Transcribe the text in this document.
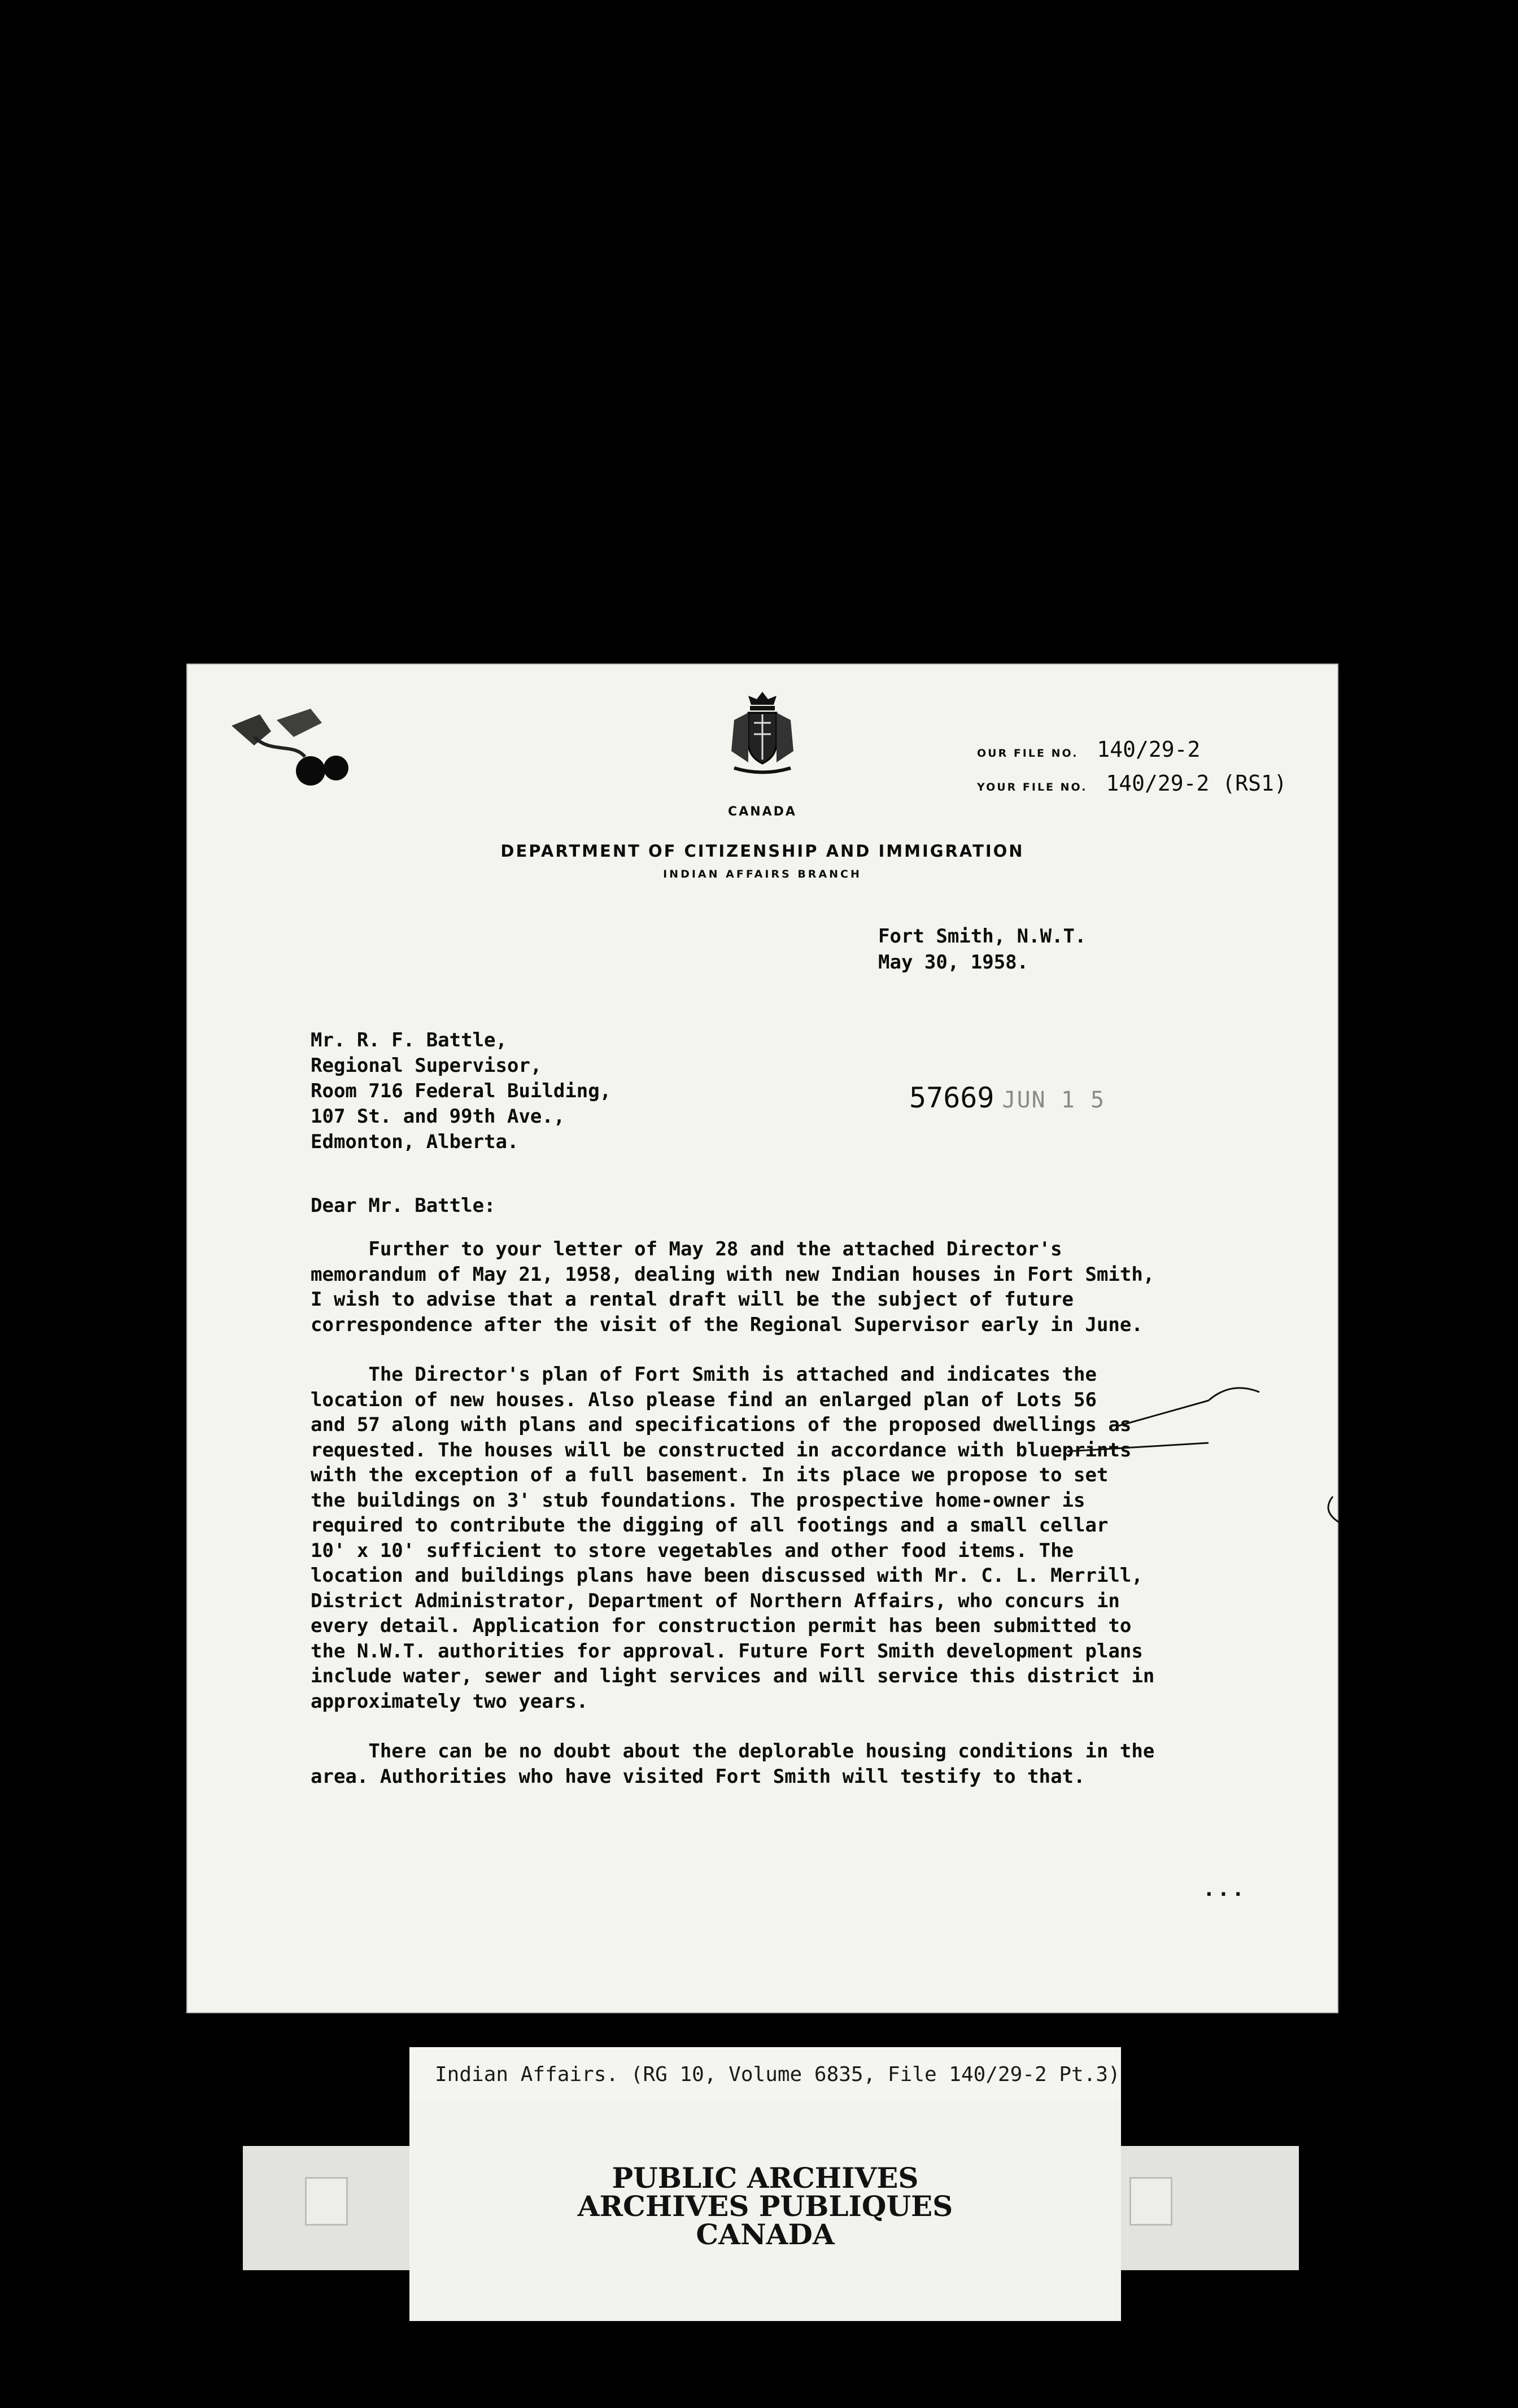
CANADA
DEPARTMENT OF CITIZENSHIP AND IMMIGRATION
INDIAN AFFAIRS BRANCH
OUR FILE NO. 140/29-2
YOUR FILE NO. 140/29-2 (RS1)
Fort Smith, N.W.T.
May 30, 1958.
Mr. R. F. Battle,
Regional Supervisor,
Room 716 Federal Building,
107 St. and 99th Ave.,
Edmonton, Alberta.
57669 JUN 1 5
Dear Mr. Battle:

Further to your letter of May 28 and the attached Director's
memorandum of May 21, 1958, dealing with new Indian houses in Fort Smith,
I wish to advise that a rental draft will be the subject of future
correspondence after the visit of the Regional Supervisor early in June.

The Director's plan of Fort Smith is attached and indicates the
location of new houses. Also please find an enlarged plan of Lots 56
and 57 along with plans and specifications of the proposed dwellings as
requested. The houses will be constructed in accordance with blueprints
with the exception of a full basement. In its place we propose to set
the buildings on 3' stub foundations. The prospective home-owner is
required to contribute the digging of all footings and a small cellar
10' x 10' sufficient to store vegetables and other food items. The
location and buildings plans have been discussed with Mr. C. L. Merrill,
District Administrator, Department of Northern Affairs, who concurs in
every detail. Application for construction permit has been submitted to
the N.W.T. authorities for approval. Future Fort Smith development plans
include water, sewer and light services and will service this district in
approximately two years.

There can be no doubt about the deplorable housing conditions in the
area. Authorities who have visited Fort Smith will testify to that.

...
Indian Affairs. (RG 10, Volume 6835, File 140/29-2 Pt.3)
PUBLIC ARCHIVES
ARCHIVES PUBLIQUES
CANADA
